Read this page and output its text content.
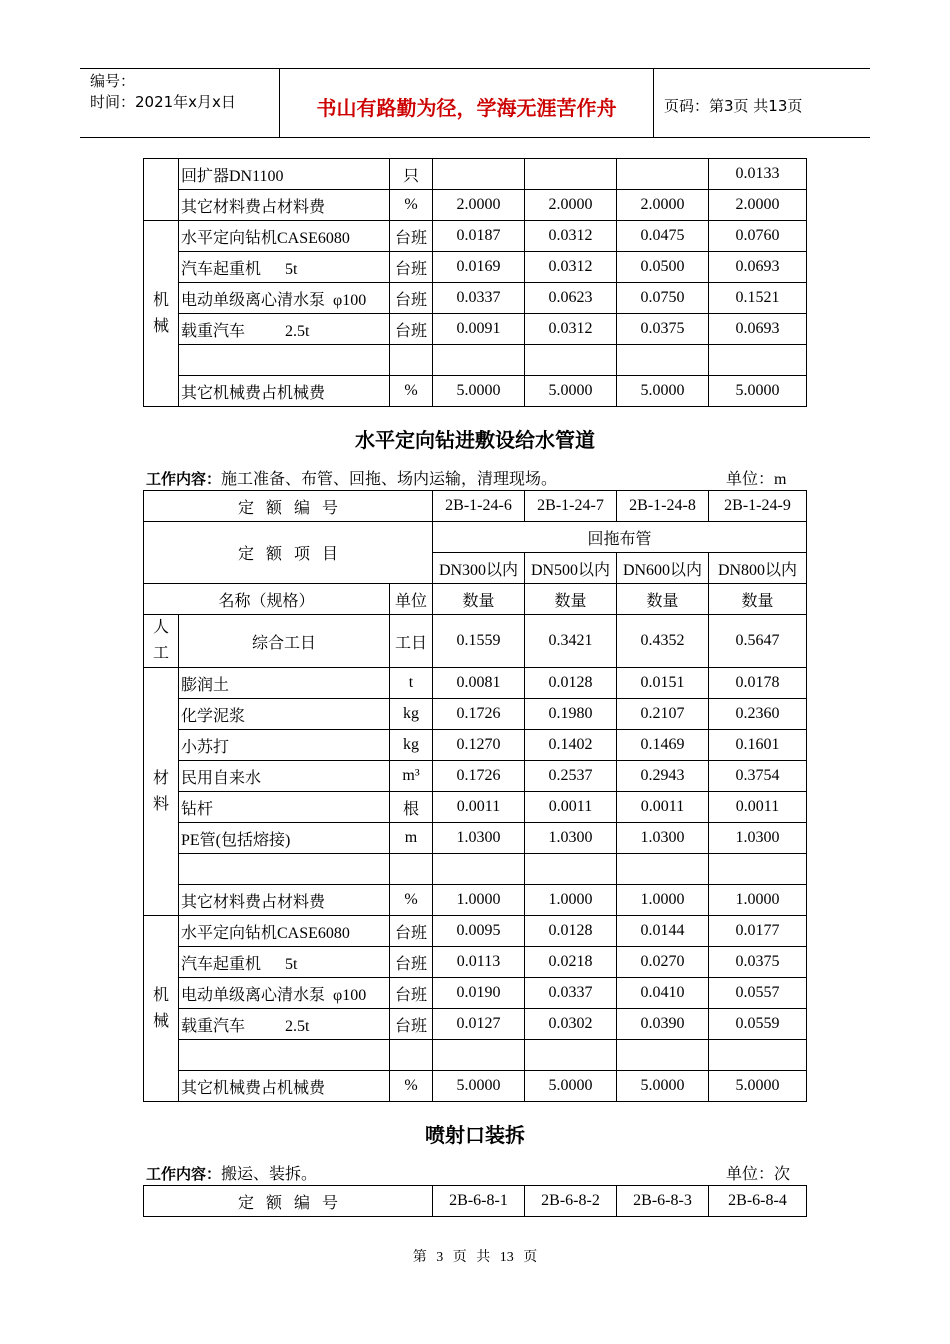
编号：
时间：2021年x月x日	书山有路勤为径，学海无涯苦作舟	页码：第3页 共13页
	回扩器DN1100	只				0.0133
	其它材料费占材料费	%	2.0000	2.0000	2.0000	2.0000
机械	水平定向钻机CASE6080	台班	0.0187	0.0312	0.0475	0.0760
	汽车起重机      5t	台班	0.0169	0.0312	0.0500	0.0693
	电动单级离心清水泵  φ100	台班	0.0337	0.0623	0.0750	0.1521
	载重汽车          2.5t	台班	0.0091	0.0312	0.0375	0.0693

	其它机械费占机械费	%	5.0000	5.0000	5.0000	5.0000
水平定向钻进敷设给水管道
工作内容：施工准备、布管、回拖、场内运输，清理现场。	单位：m
定   额   编   号			2B-1-24-6	2B-1-24-7	2B-1-24-8	2B-1-24-9
定   额   项   目			回拖布管			
			DN300以内	DN500以内	DN600以内	DN800以内
名称（规格）		单位	数量	数量	数量	数量
人工	综合工日	工日	0.1559	0.3421	0.4352	0.5647
材料	膨润土	t	0.0081	0.0128	0.0151	0.0178
	化学泥浆	kg	0.1726	0.1980	0.2107	0.2360
	小苏打	kg	0.1270	0.1402	0.1469	0.1601
	民用自来水	m³	0.1726	0.2537	0.2943	0.3754
	钻杆	根	0.0011	0.0011	0.0011	0.0011
	PE管(包括熔接)	m	1.0300	1.0300	1.0300	1.0300

	其它材料费占材料费	%	1.0000	1.0000	1.0000	1.0000
机械	水平定向钻机CASE6080	台班	0.0095	0.0128	0.0144	0.0177
	汽车起重机      5t	台班	0.0113	0.0218	0.0270	0.0375
	电动单级离心清水泵  φ100	台班	0.0190	0.0337	0.0410	0.0557
	载重汽车          2.5t	台班	0.0127	0.0302	0.0390	0.0559

	其它机械费占机械费	%	5.0000	5.0000	5.0000	5.0000
喷射口装拆
工作内容：搬运、装拆。	单位：次
定   额   编   号	2B-6-8-1	2B-6-8-2	2B-6-8-3	2B-6-8-4
第 3 页 共 13 页
